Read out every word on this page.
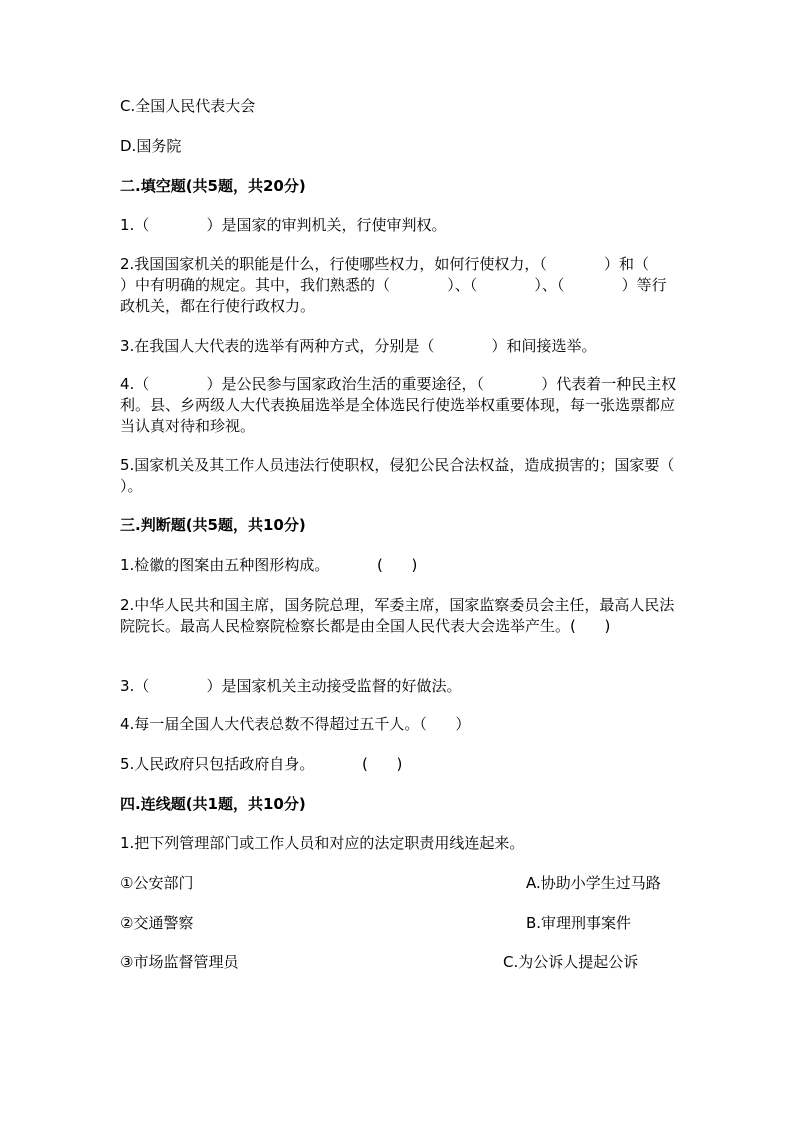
C.全国人民代表大会

D.国务院

二.填空题(共5题，共20分)

1.（            ）是国家的审判机关，行使审判权。

2.我国国家机关的职能是什么，行使哪些权力，如何行使权力，（            ）和（            ）中有明确的规定。其中，我们熟悉的（            ）、（            ）、（            ）等行政机关，都在行使行政权力。

3.在我国人大代表的选举有两种方式，分别是（            ）和间接选举。

4.（            ）是公民参与国家政治生活的重要途径，（            ）代表着一种民主权利。县、乡两级人大代表换届选举是全体选民行使选举权重要体现，每一张选票都应当认真对待和珍视。

5.国家机关及其工作人员违法行使职权，侵犯公民合法权益，造成损害的；国家要（                        ）。

三.判断题(共5题，共10分)

1.检徽的图案由五种图形构成。          (      )

2.中华人民共和国主席，国务院总理，军委主席，国家监察委员会主任，最高人民法院院长。最高人民检察院检察长都是由全国人民代表大会选举产生。(      )

3.（            ）是国家机关主动接受监督的好做法。

4.每一届全国人大代表总数不得超过五千人。（      ）

5.人民政府只包括政府自身。          (      )

四.连线题(共1题，共10分)

1.把下列管理部门或工作人员和对应的法定职责用线连起来。

①公安部门	A.协助小学生过马路
②交通警察	B.审理刑事案件
③市场监督管理员	C.为公诉人提起公诉
